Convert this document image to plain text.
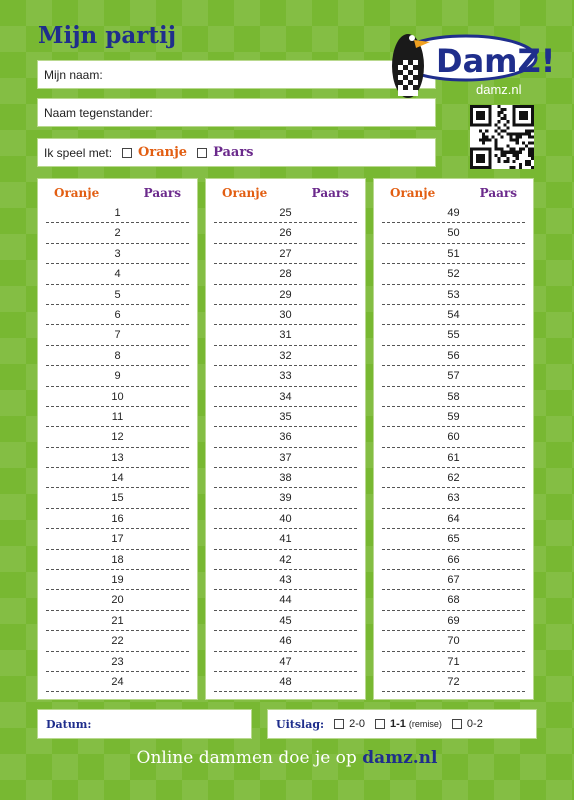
Mijn partij
Mijn naam:
Naam tegenstander:
Ik speel met: Oranje Paars
DamZ!
damz.nl
Oranje	Paars
1
2
3
4
5
6
7
8
9
10
11
12
13
14
15
16
17
18
19
20
21
22
23
24
Oranje	Paars
25
26
27
28
29
30
31
32
33
34
35
36
37
38
39
40
41
42
43
44
45
46
47
48
Oranje	Paars
49
50
51
52
53
54
55
56
57
58
59
60
61
62
63
64
65
66
67
68
69
70
71
72
Datum:	Uitslag: 2-0 1-1 (remise) 0-2
Online dammen doe je op damz.nl
